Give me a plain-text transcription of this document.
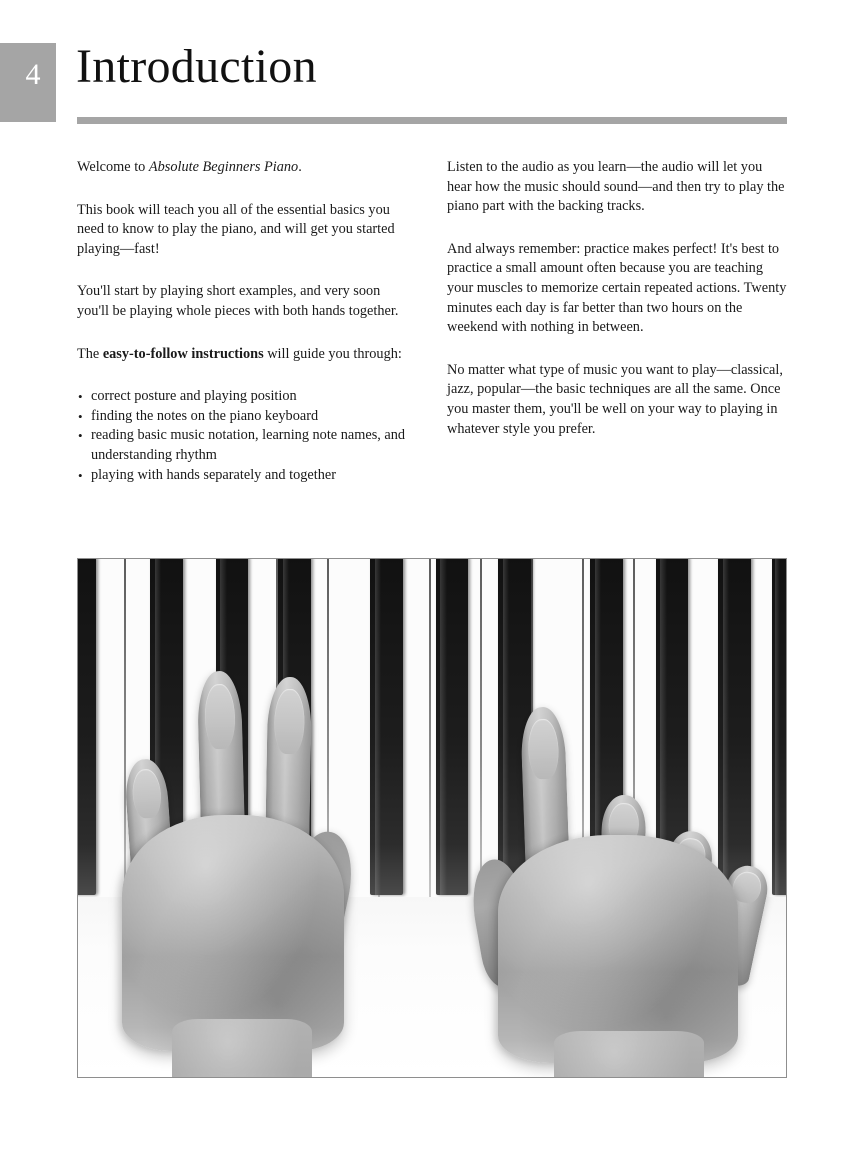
4 Introduction

Welcome to Absolute Beginners Piano.

This book will teach you all of the essential basics you need to know to play the piano, and will get you started playing—fast!

You'll start by playing short examples, and very soon you'll be playing whole pieces with both hands together.

The easy-to-follow instructions will guide you through:

• correct posture and playing position
• finding the notes on the piano keyboard
• reading basic music notation, learning note names, and understanding rhythm
• playing with hands separately and together

Listen to the audio as you learn—the audio will let you hear how the music should sound—and then try to play the piano part with the backing tracks.

And always remember: practice makes perfect! It's best to practice a small amount often because you are teaching your muscles to memorize certain repeated actions. Twenty minutes each day is far better than two hours on the weekend with nothing in between.

No matter what type of music you want to play—classical, jazz, popular—the basic techniques are all the same. Once you master them, you'll be well on your way to playing in whatever style you prefer.
